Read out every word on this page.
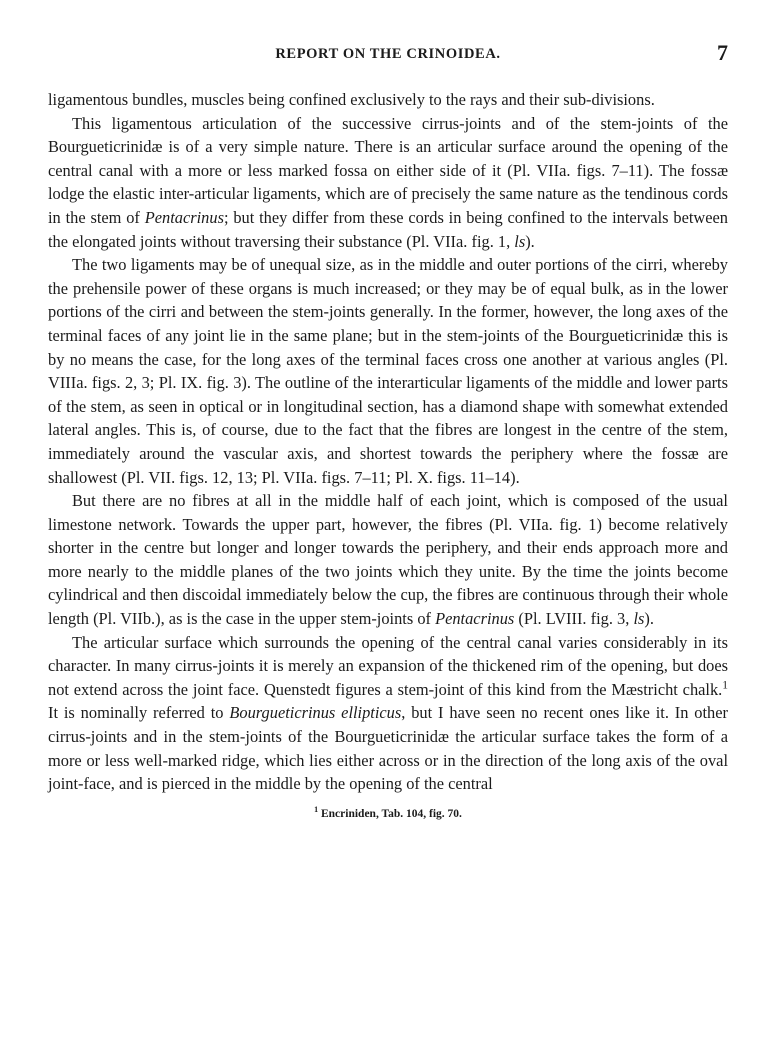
REPORT ON THE CRINOIDEA.	7

ligamentous bundles, muscles being confined exclusively to the rays and their sub-divisions.

This ligamentous articulation of the successive cirrus-joints and of the stem-joints of the Bourgueticrinidæ is of a very simple nature. There is an articular surface around the opening of the central canal with a more or less marked fossa on either side of it (Pl. VIIa. figs. 7–11). The fossæ lodge the elastic inter-articular ligaments, which are of precisely the same nature as the tendinous cords in the stem of Pentacrinus; but they differ from these cords in being confined to the intervals between the elongated joints without traversing their substance (Pl. VIIa. fig. 1, ls).

The two ligaments may be of unequal size, as in the middle and outer portions of the cirri, whereby the prehensile power of these organs is much increased; or they may be of equal bulk, as in the lower portions of the cirri and between the stem-joints generally. In the former, however, the long axes of the terminal faces of any joint lie in the same plane; but in the stem-joints of the Bourgueticrinidæ this is by no means the case, for the long axes of the terminal faces cross one another at various angles (Pl. VIIIa. figs. 2, 3; Pl. IX. fig. 3). The outline of the interarticular ligaments of the middle and lower parts of the stem, as seen in optical or in longitudinal section, has a diamond shape with somewhat extended lateral angles. This is, of course, due to the fact that the fibres are longest in the centre of the stem, immediately around the vascular axis, and shortest towards the periphery where the fossæ are shallowest (Pl. VII. figs. 12, 13; Pl. VIIa. figs. 7–11; Pl. X. figs. 11–14).

But there are no fibres at all in the middle half of each joint, which is composed of the usual limestone network. Towards the upper part, however, the fibres (Pl. VIIa. fig. 1) become relatively shorter in the centre but longer and longer towards the periphery, and their ends approach more and more nearly to the middle planes of the two joints which they unite. By the time the joints become cylindrical and then discoidal immediately below the cup, the fibres are continuous through their whole length (Pl. VIIb.), as is the case in the upper stem-joints of Pentacrinus (Pl. LVIII. fig. 3, ls).

The articular surface which surrounds the opening of the central canal varies considerably in its character. In many cirrus-joints it is merely an expansion of the thickened rim of the opening, but does not extend across the joint face. Quenstedt figures a stem-joint of this kind from the Mæstricht chalk.$^1$ It is nominally referred to Bourgueticrinus ellipticus, but I have seen no recent ones like it. In other cirrus-joints and in the stem-joints of the Bourgueticrinidæ the articular surface takes the form of a more or less well-marked ridge, which lies either across or in the direction of the long axis of the oval joint-face, and is pierced in the middle by the opening of the central

$^1$ Encriniden, Tab. 104, fig. 70.
